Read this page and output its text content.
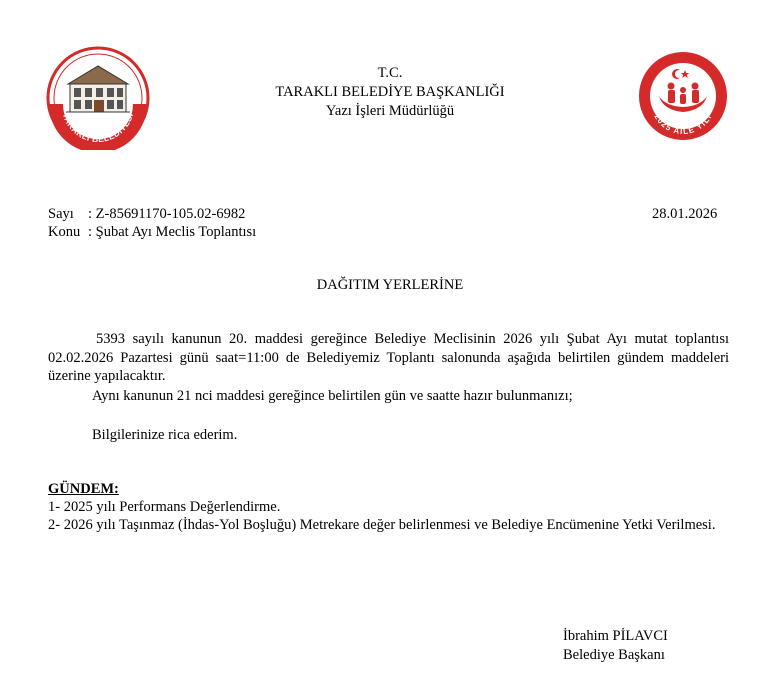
TARAKLI BELEDİYESİ
T.C.
TARAKLI BELEDİYE BAŞKANLIĞI
Yazı İşleri Müdürlüğü	2025 AİLE YILI
Sayı : Z-85691170-105.02-6982	28.01.2026
Konu : Şubat Ayı Meclis Toplantısı
DAĞITIM YERLERİNE
5393 sayılı kanunun 20. maddesi gereğince Belediye Meclisinin 2026 yılı Şubat Ayı mutat toplantısı 02.02.2026 Pazartesi günü saat=11:00 de Belediyemiz Toplantı salonunda aşağıda belirtilen gündem maddeleri üzerine yapılacaktır.
Aynı kanunun 21 nci maddesi gereğince belirtilen gün ve saatte hazır bulunmanızı;
Bilgilerinize rica ederim.
GÜNDEM:
1- 2025 yılı Performans Değerlendirme.
2- 2026 yılı Taşınmaz (İhdas-Yol Boşluğu) Metrekare değer belirlenmesi ve Belediye Encümenine Yetki Verilmesi.
İbrahim PİLAVCI
Belediye Başkanı
